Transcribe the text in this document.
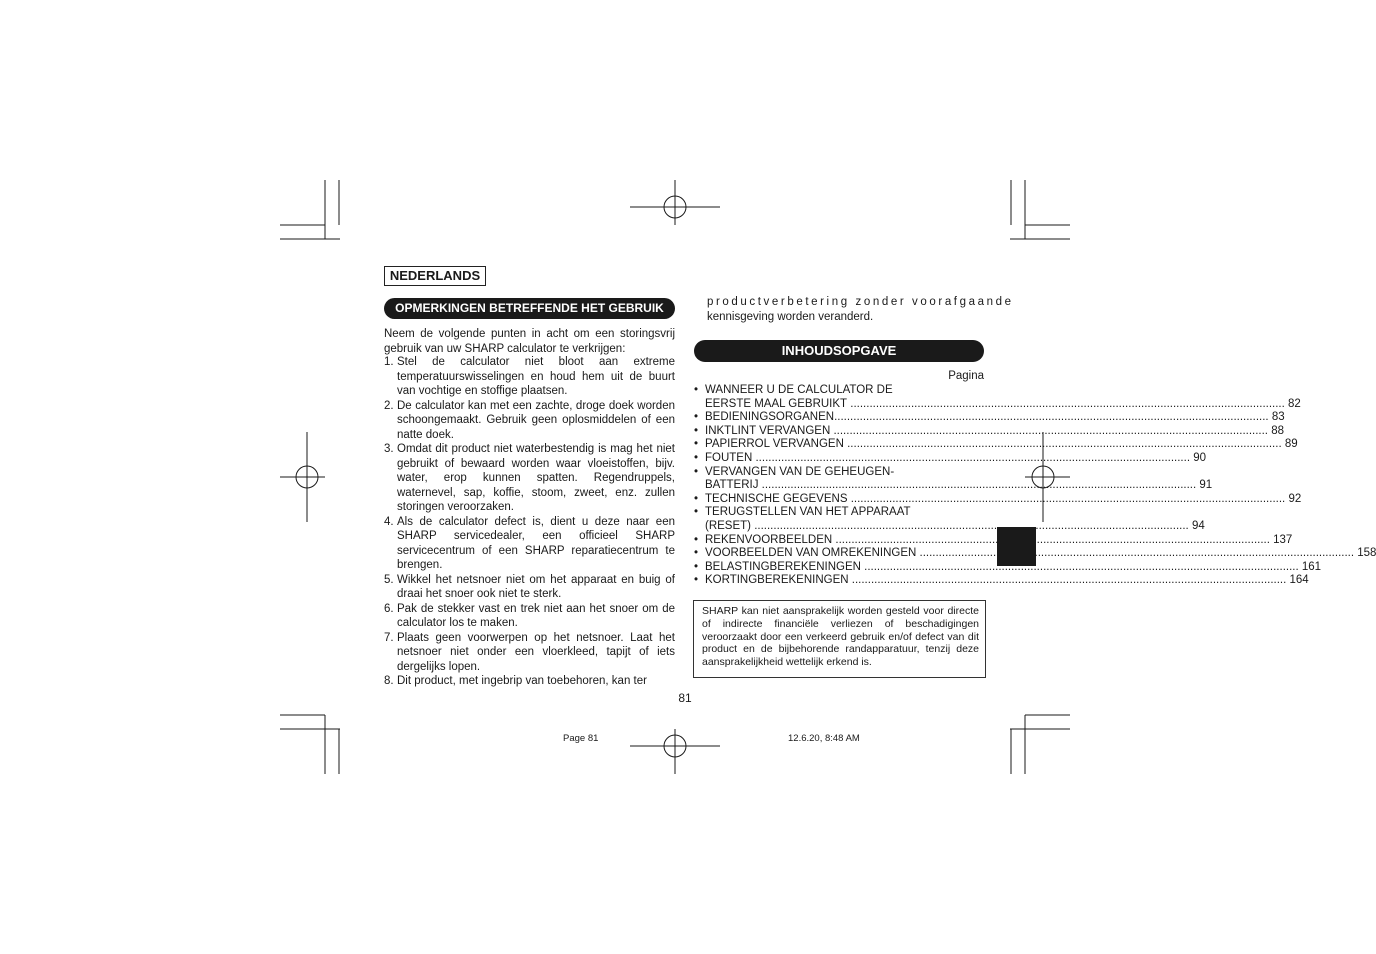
NEDERLANDS
OPMERKINGEN BETREFFENDE HET GEBRUIK
Neem de volgende punten in acht om een storingsvrij gebruik van uw SHARP calculator te verkrijgen:
1. Stel de calculator niet bloot aan extreme temperatuurswisselingen en houd hem uit de buurt van vochtige en stoffige plaatsen.
2. De calculator kan met een zachte, droge doek worden schoongemaakt. Gebruik geen oplosmiddelen of een natte doek.
3. Omdat dit product niet waterbestendig is mag het niet gebruikt of bewaard worden waar vloeistoffen, bijv. water, erop kunnen spatten. Regendruppels, waternevel, sap, koffie, stoom, zweet, enz. zullen storingen veroorzaken.
4. Als de calculator defect is, dient u deze naar een SHARP servicedealer, een officieel SHARP servicecentrum of een SHARP reparatiecentrum te brengen.
5. Wikkel het netsnoer niet om het apparaat en buig of draai het snoer ook niet te sterk.
6. Pak de stekker vast en trek niet aan het snoer om de calculator los te maken.
7. Plaats geen voorwerpen op het netsnoer. Laat het netsnoer niet onder een vloerkleed, tapijt of iets dergelijks lopen.
8. Dit product, met ingebrip van toebehoren, kan ter
productverbetering zonder voorafgaande
kennisgeving worden veranderd.
INHOUDSOPGAVE
Pagina
• WANNEER U DE CALCULATOR DE
EERSTE MAAL GEBRUIKT
.....
	82
• BEDIENINGSORGANEN .....
	83
• INKTLINT VERVANGEN
.....
	88
• PAPIERROL VERVANGEN
.....
	89
• FOUTEN
.....
	90
• VERVANGEN VAN DE GEHEUGEN-
BATTERIJ
.....
	91
• TECHNISCHE GEGEVENS
.....
	92
• TERUGSTELLEN VAN HET APPARAAT
(RESET)
.....
	94
• REKENVOORBEELDEN
.....
	137
• VOORBEELDEN VAN OMREKENINGEN
.....
	158
• BELASTINGBEREKENINGEN
.....
	161
• KORTINGBEREKENINGEN
.....
	164
SHARP kan niet aansprakelijk worden gesteld voor directe of indirecte financiële verliezen of beschadigingen veroorzaakt door een verkeerd gebruik en/of defect van dit product en de bijbehorende randapparatuur, tenzij deze aansprakelijkheid wettelijk erkend is.
81
Page 81	12.6.20, 8:48 AM
